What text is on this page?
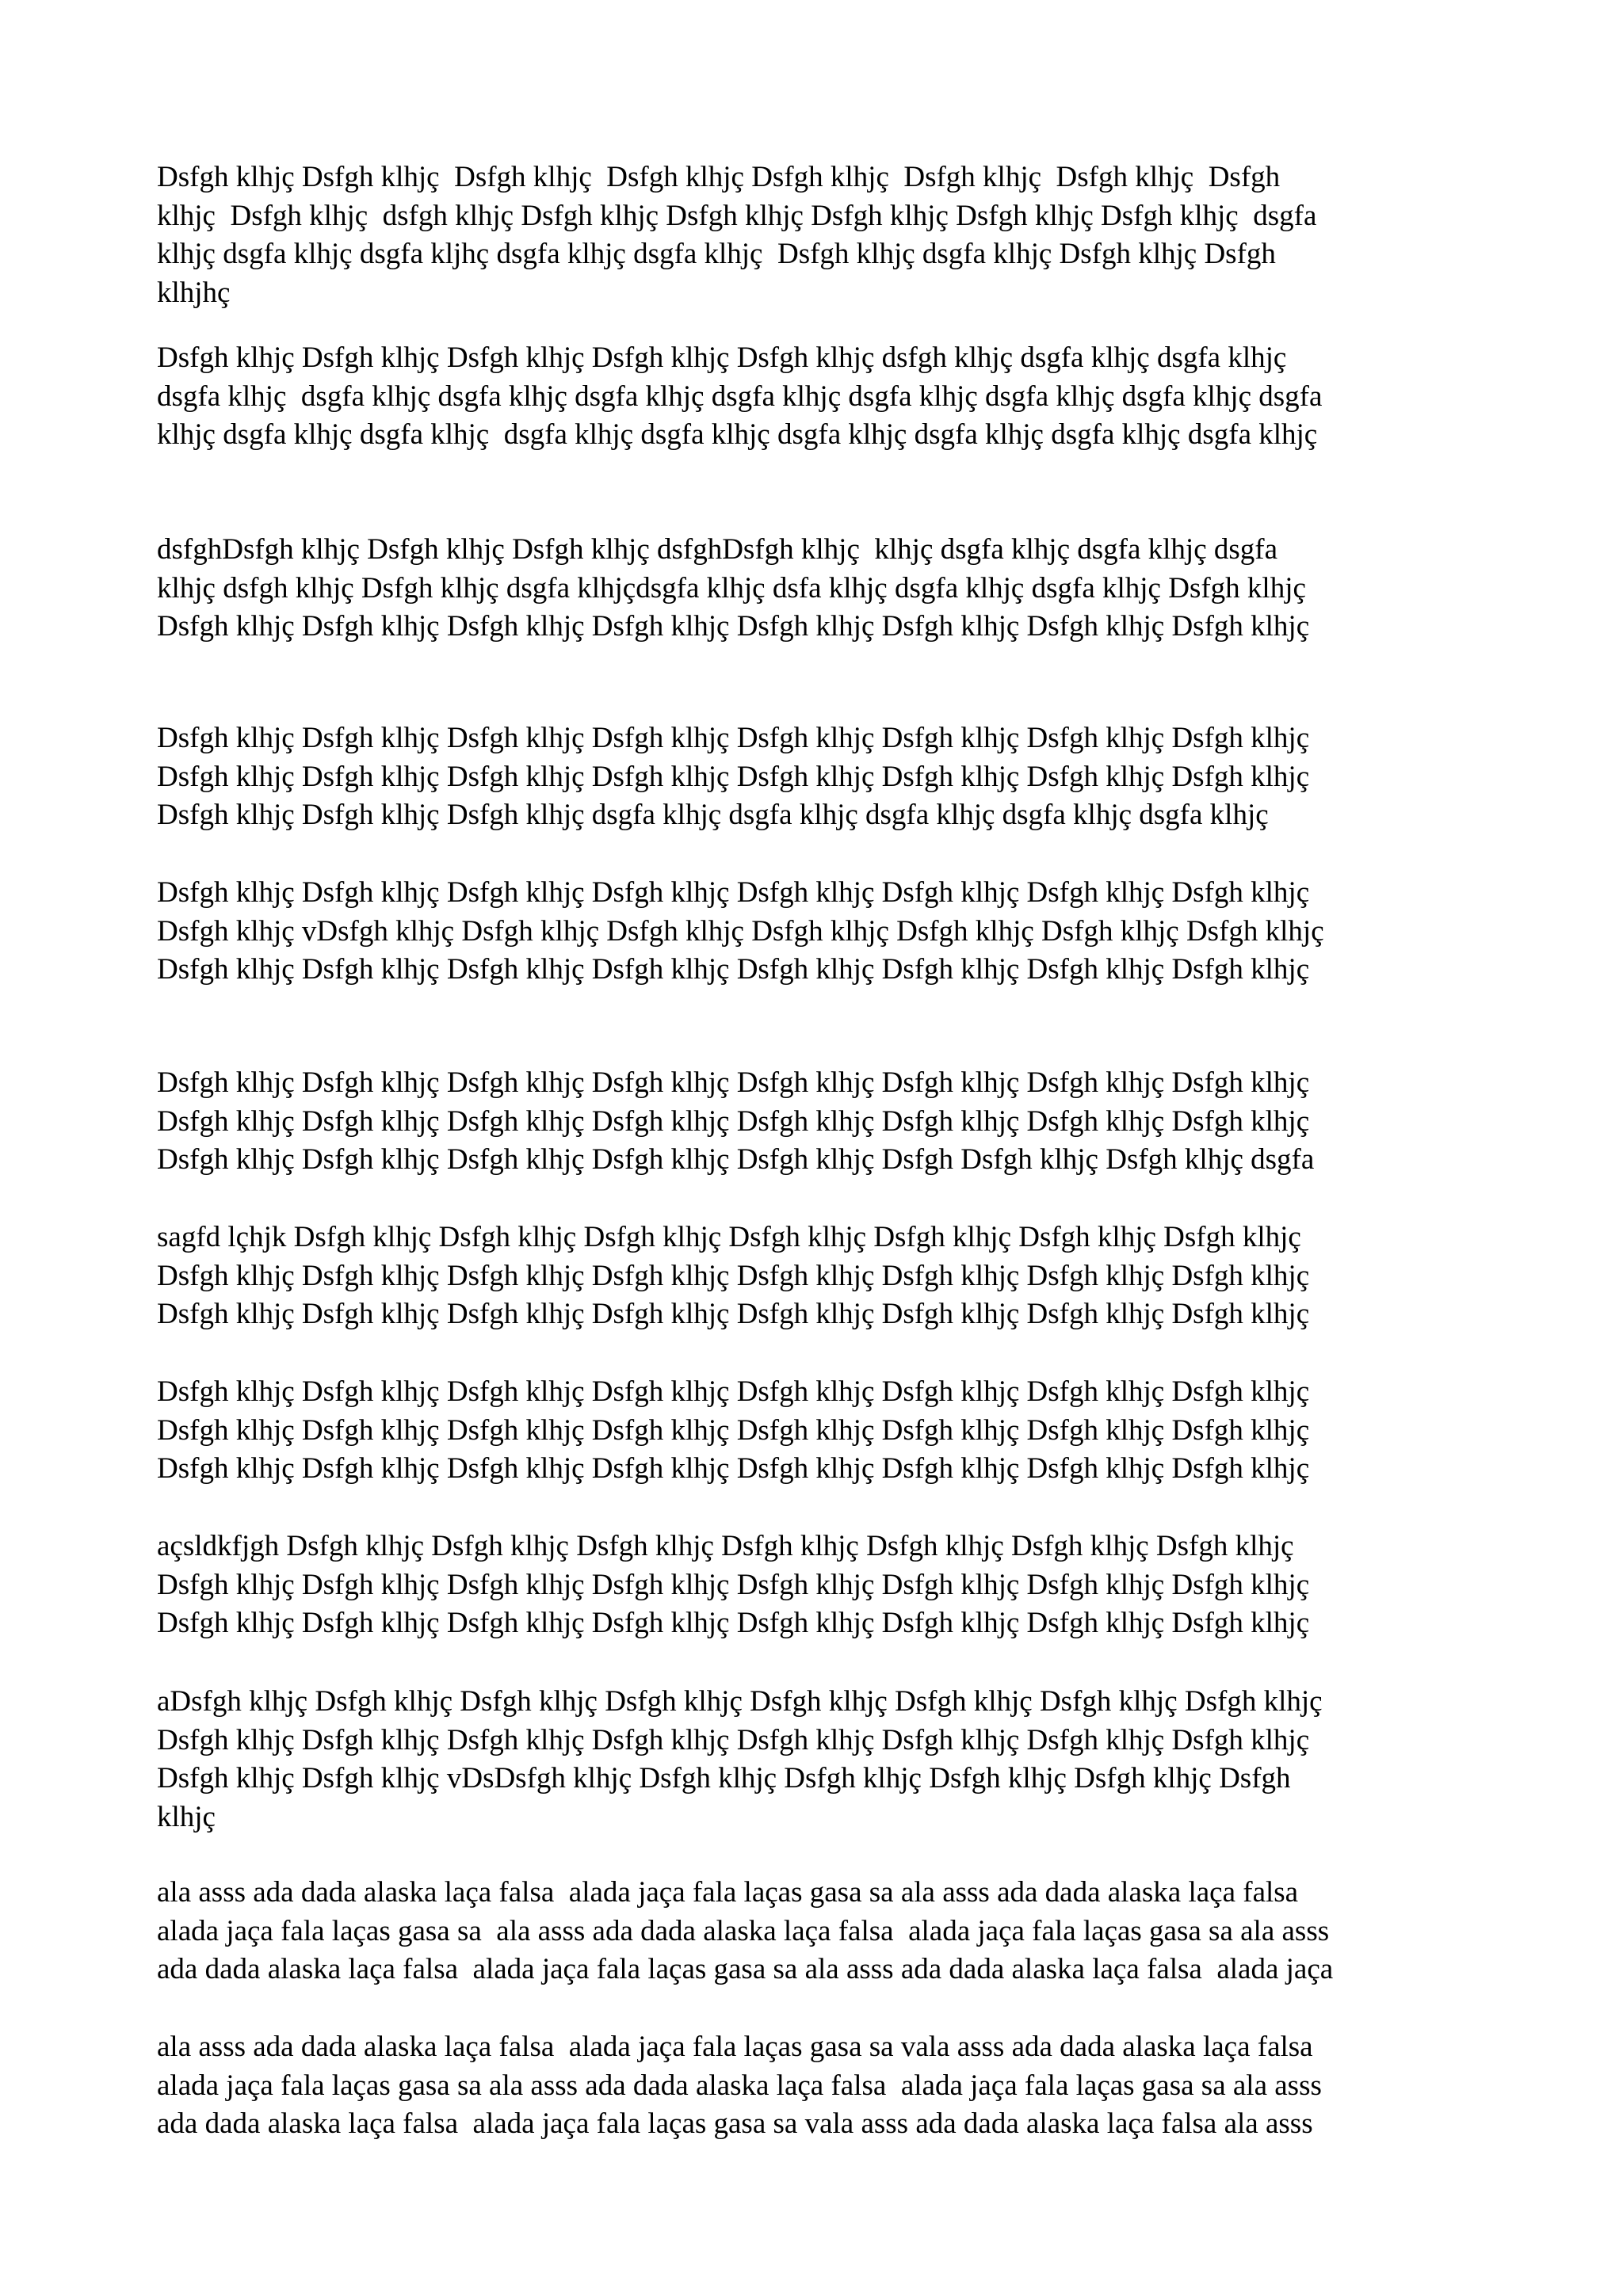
Dsfgh klhjç Dsfgh klhjç  Dsfgh klhjç  Dsfgh klhjç Dsfgh klhjç  Dsfgh klhjç  Dsfgh klhjç  Dsfgh
klhjç  Dsfgh klhjç  dsfgh klhjç Dsfgh klhjç Dsfgh klhjç Dsfgh klhjç Dsfgh klhjç Dsfgh klhjç  dsgfa
klhjç dsgfa klhjç dsgfa kljhç dsgfa klhjç dsgfa klhjç  Dsfgh klhjç dsgfa klhjç Dsfgh klhjç Dsfgh
klhjhç
Dsfgh klhjç Dsfgh klhjç Dsfgh klhjç Dsfgh klhjç Dsfgh klhjç dsfgh klhjç dsgfa klhjç dsgfa klhjç
dsgfa klhjç  dsgfa klhjç dsgfa klhjç dsgfa klhjç dsgfa klhjç dsgfa klhjç dsgfa klhjç dsgfa klhjç dsgfa
klhjç dsgfa klhjç dsgfa klhjç  dsgfa klhjç dsgfa klhjç dsgfa klhjç dsgfa klhjç dsgfa klhjç dsgfa klhjç
dsfghDsfgh klhjç Dsfgh klhjç Dsfgh klhjç dsfghDsfgh klhjç  klhjç dsgfa klhjç dsgfa klhjç dsgfa
klhjç dsfgh klhjç Dsfgh klhjç dsgfa klhjçdsgfa klhjç dsfa klhjç dsgfa klhjç dsgfa klhjç Dsfgh klhjç
Dsfgh klhjç Dsfgh klhjç Dsfgh klhjç Dsfgh klhjç Dsfgh klhjç Dsfgh klhjç Dsfgh klhjç Dsfgh klhjç
Dsfgh klhjç Dsfgh klhjç Dsfgh klhjç Dsfgh klhjç Dsfgh klhjç Dsfgh klhjç Dsfgh klhjç Dsfgh klhjç
Dsfgh klhjç Dsfgh klhjç Dsfgh klhjç Dsfgh klhjç Dsfgh klhjç Dsfgh klhjç Dsfgh klhjç Dsfgh klhjç
Dsfgh klhjç Dsfgh klhjç Dsfgh klhjç dsgfa klhjç dsgfa klhjç dsgfa klhjç dsgfa klhjç dsgfa klhjç
Dsfgh klhjç Dsfgh klhjç Dsfgh klhjç Dsfgh klhjç Dsfgh klhjç Dsfgh klhjç Dsfgh klhjç Dsfgh klhjç
Dsfgh klhjç vDsfgh klhjç Dsfgh klhjç Dsfgh klhjç Dsfgh klhjç Dsfgh klhjç Dsfgh klhjç Dsfgh klhjç
Dsfgh klhjç Dsfgh klhjç Dsfgh klhjç Dsfgh klhjç Dsfgh klhjç Dsfgh klhjç Dsfgh klhjç Dsfgh klhjç
Dsfgh klhjç Dsfgh klhjç Dsfgh klhjç Dsfgh klhjç Dsfgh klhjç Dsfgh klhjç Dsfgh klhjç Dsfgh klhjç
Dsfgh klhjç Dsfgh klhjç Dsfgh klhjç Dsfgh klhjç Dsfgh klhjç Dsfgh klhjç Dsfgh klhjç Dsfgh klhjç
Dsfgh klhjç Dsfgh klhjç Dsfgh klhjç Dsfgh klhjç Dsfgh klhjç Dsfgh Dsfgh klhjç Dsfgh klhjç dsgfa
sagfd lçhjk Dsfgh klhjç Dsfgh klhjç Dsfgh klhjç Dsfgh klhjç Dsfgh klhjç Dsfgh klhjç Dsfgh klhjç
Dsfgh klhjç Dsfgh klhjç Dsfgh klhjç Dsfgh klhjç Dsfgh klhjç Dsfgh klhjç Dsfgh klhjç Dsfgh klhjç
Dsfgh klhjç Dsfgh klhjç Dsfgh klhjç Dsfgh klhjç Dsfgh klhjç Dsfgh klhjç Dsfgh klhjç Dsfgh klhjç
Dsfgh klhjç Dsfgh klhjç Dsfgh klhjç Dsfgh klhjç Dsfgh klhjç Dsfgh klhjç Dsfgh klhjç Dsfgh klhjç
Dsfgh klhjç Dsfgh klhjç Dsfgh klhjç Dsfgh klhjç Dsfgh klhjç Dsfgh klhjç Dsfgh klhjç Dsfgh klhjç
Dsfgh klhjç Dsfgh klhjç Dsfgh klhjç Dsfgh klhjç Dsfgh klhjç Dsfgh klhjç Dsfgh klhjç Dsfgh klhjç
açsldkfjgh Dsfgh klhjç Dsfgh klhjç Dsfgh klhjç Dsfgh klhjç Dsfgh klhjç Dsfgh klhjç Dsfgh klhjç
Dsfgh klhjç Dsfgh klhjç Dsfgh klhjç Dsfgh klhjç Dsfgh klhjç Dsfgh klhjç Dsfgh klhjç Dsfgh klhjç
Dsfgh klhjç Dsfgh klhjç Dsfgh klhjç Dsfgh klhjç Dsfgh klhjç Dsfgh klhjç Dsfgh klhjç Dsfgh klhjç
aDsfgh klhjç Dsfgh klhjç Dsfgh klhjç Dsfgh klhjç Dsfgh klhjç Dsfgh klhjç Dsfgh klhjç Dsfgh klhjç
Dsfgh klhjç Dsfgh klhjç Dsfgh klhjç Dsfgh klhjç Dsfgh klhjç Dsfgh klhjç Dsfgh klhjç Dsfgh klhjç
Dsfgh klhjç Dsfgh klhjç vDsDsfgh klhjç Dsfgh klhjç Dsfgh klhjç Dsfgh klhjç Dsfgh klhjç Dsfgh
klhjç
ala asss ada dada alaska laça falsa  alada jaça fala laças gasa sa ala asss ada dada alaska laça falsa
alada jaça fala laças gasa sa  ala asss ada dada alaska laça falsa  alada jaça fala laças gasa sa ala asss
ada dada alaska laça falsa  alada jaça fala laças gasa sa ala asss ada dada alaska laça falsa  alada jaça
ala asss ada dada alaska laça falsa  alada jaça fala laças gasa sa vala asss ada dada alaska laça falsa
alada jaça fala laças gasa sa ala asss ada dada alaska laça falsa  alada jaça fala laças gasa sa ala asss
ada dada alaska laça falsa  alada jaça fala laças gasa sa vala asss ada dada alaska laça falsa ala asss
